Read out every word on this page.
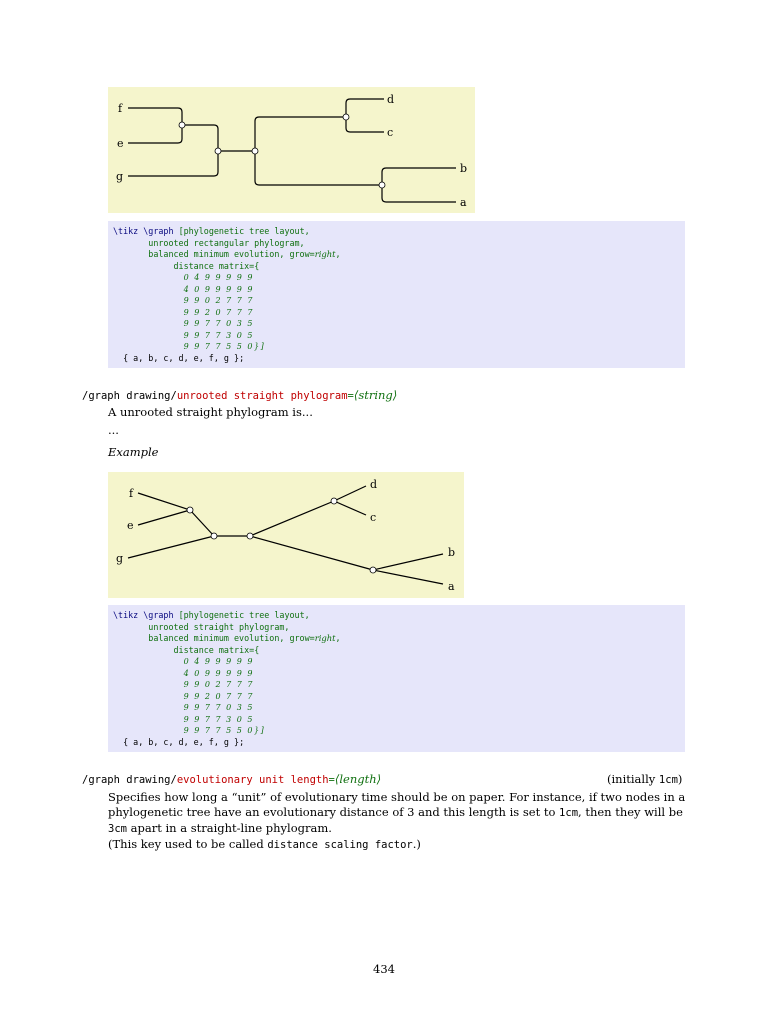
f
e
g
d
c
b
a
\tikz \graph [phylogenetic tree layout,
unrooted rectangular phylogram,
balanced minimum evolution, grow=right,
distance matrix={
0 4 9 9 9 9 9
4 0 9 9 9 9 9
9 9 0 2 7 7 7
9 9 2 0 7 7 7
9 9 7 7 0 3 5
9 9 7 7 3 0 5
9 9 7 7 5 5 0}]
{ a, b, c, d, e, f, g };
/graph drawing/unrooted straight phylogram=⟨string⟩
A unrooted straight phylogram is...
...
Example
f
e
g
d
c
b
a
\tikz \graph [phylogenetic tree layout,
unrooted straight phylogram,
balanced minimum evolution, grow=right,
distance matrix={
0 4 9 9 9 9 9
4 0 9 9 9 9 9
9 9 0 2 7 7 7
9 9 2 0 7 7 7
9 9 7 7 0 3 5
9 9 7 7 3 0 5
9 9 7 7 5 5 0}]
{ a, b, c, d, e, f, g };
/graph drawing/evolutionary unit length=⟨length⟩	(initially 1cm)
Specifies how long a “unit” of evolutionary time should be on paper. For instance, if two nodes in a phylogenetic tree have an evolutionary distance of 3 and this length is set to 1cm, then they will be 3cm apart in a straight-line phylogram.
(This key used to be called distance scaling factor.)
434
